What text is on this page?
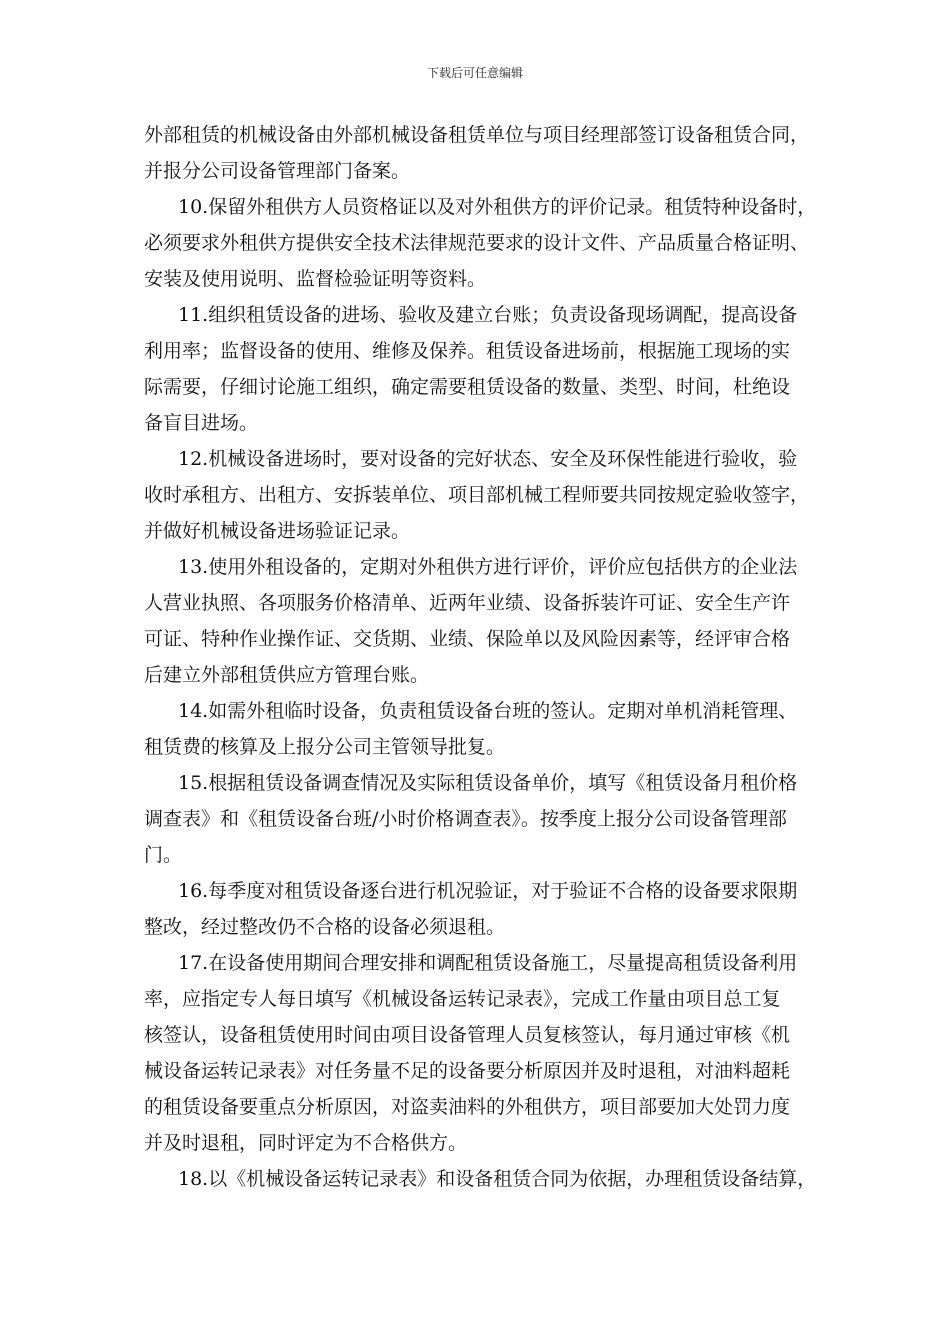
下载后可任意编辑

外部租赁的机械设备由外部机械设备租赁单位与项目经理部签订设备租赁合同，
并报分公司设备管理部门备案。

10.保留外租供方人员资格证以及对外租供方的评价记录。租赁特种设备时，
必须要求外租供方提供安全技术法律规范要求的设计文件、产品质量合格证明、
安装及使用说明、监督检验证明等资料。

11.组织租赁设备的进场、验收及建立台账；负责设备现场调配，提高设备
利用率；监督设备的使用、维修及保养。租赁设备进场前，根据施工现场的实
际需要，仔细讨论施工组织，确定需要租赁设备的数量、类型、时间，杜绝设
备盲目进场。

12.机械设备进场时，要对设备的完好状态、安全及环保性能进行验收，验
收时承租方、出租方、安拆装单位、项目部机械工程师要共同按规定验收签字，
并做好机械设备进场验证记录。

13.使用外租设备的，定期对外租供方进行评价，评价应包括供方的企业法
人营业执照、各项服务价格清单、近两年业绩、设备拆装许可证、安全生产许
可证、特种作业操作证、交货期、业绩、保险单以及风险因素等，经评审合格
后建立外部租赁供应方管理台账。

14.如需外租临时设备，负责租赁设备台班的签认。定期对单机消耗管理、
租赁费的核算及上报分公司主管领导批复。

15.根据租赁设备调查情况及实际租赁设备单价，填写《租赁设备月租价格
调查表》和《租赁设备台班/小时价格调查表》。按季度上报分公司设备管理部
门。

16.每季度对租赁设备逐台进行机况验证，对于验证不合格的设备要求限期
整改，经过整改仍不合格的设备必须退租。

17.在设备使用期间合理安排和调配租赁设备施工，尽量提高租赁设备利用
率，应指定专人每日填写《机械设备运转记录表》，完成工作量由项目总工复
核签认，设备租赁使用时间由项目设备管理人员复核签认，每月通过审核《机
械设备运转记录表》对任务量不足的设备要分析原因并及时退租，对油料超耗
的租赁设备要重点分析原因，对盗卖油料的外租供方，项目部要加大处罚力度
并及时退租，同时评定为不合格供方。

18.以《机械设备运转记录表》和设备租赁合同为依据，办理租赁设备结算，
